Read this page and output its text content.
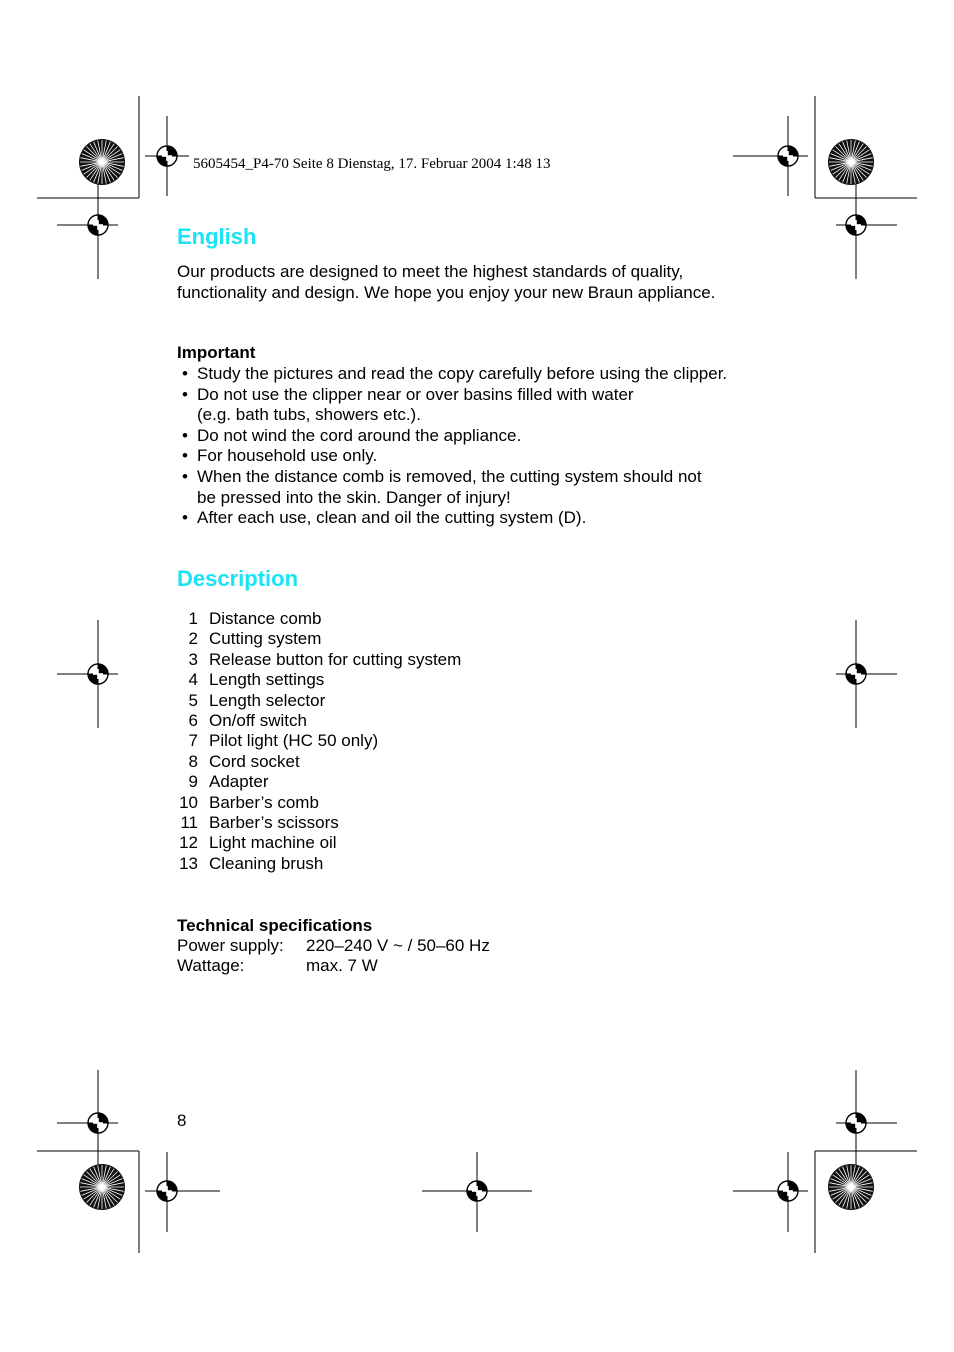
5605454_P4-70 Seite 8 Dienstag, 17. Februar 2004 1:48 13
English
Our products are designed to meet the highest standards of quality,
functionality and design. We hope you enjoy your new Braun appliance.
Important
• Study the pictures and read the copy carefully before using the clipper.
• Do not use the clipper near or over basins filled with water
(e.g. bath tubs, showers etc.).
• Do not wind the cord around the appliance.
• For household use only.
• When the distance comb is removed, the cutting system should not
be pressed into the skin. Danger of injury!
• After each use, clean and oil the cutting system (D).
Description
1 Distance comb
2 Cutting system
3 Release button for cutting system
4 Length settings
5 Length selector
6 On/off switch
7 Pilot light (HC 50 only)
8 Cord socket
9 Adapter
10 Barber’s comb
11 Barber’s scissors
12 Light machine oil
13 Cleaning brush
Technical specifications
Power supply:	220–240 V ~ / 50–60 Hz
Wattage:	max. 7 W
8
